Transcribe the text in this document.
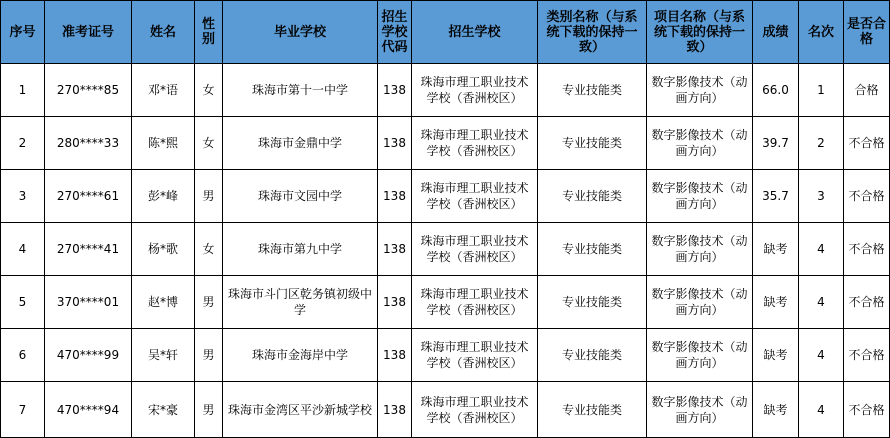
序号	准考证号	姓名	性别	毕业学校	招生学校代码	招生学校	类别名称（与系统下载的保持一致）	项目名称（与系统下载的保持一致）	成绩	名次	是否合格
1	270****85	邓*语	女	珠海市第十一中学	138	珠海市理工职业技术学校（香洲校区）	专业技能类	数字影像技术（动画方向）	66.0	1	合格
2	280****33	陈*熙	女	珠海市金鼎中学	138	珠海市理工职业技术学校（香洲校区）	专业技能类	数字影像技术（动画方向）	39.7	2	不合格
3	270****61	彭*峰	男	珠海市文园中学	138	珠海市理工职业技术学校（香洲校区）	专业技能类	数字影像技术（动画方向）	35.7	3	不合格
4	270****41	杨*歌	女	珠海市第九中学	138	珠海市理工职业技术学校（香洲校区）	专业技能类	数字影像技术（动画方向）	缺考	4	不合格
5	370****01	赵*博	男	珠海市斗门区乾务镇初级中学	138	珠海市理工职业技术学校（香洲校区）	专业技能类	数字影像技术（动画方向）	缺考	4	不合格
6	470****99	吴*轩	男	珠海市金海岸中学	138	珠海市理工职业技术学校（香洲校区）	专业技能类	数字影像技术（动画方向）	缺考	4	不合格
7	470****94	宋*豪	男	珠海市金湾区平沙新城学校	138	珠海市理工职业技术学校（香洲校区）	专业技能类	数字影像技术（动画方向）	缺考	4	不合格
